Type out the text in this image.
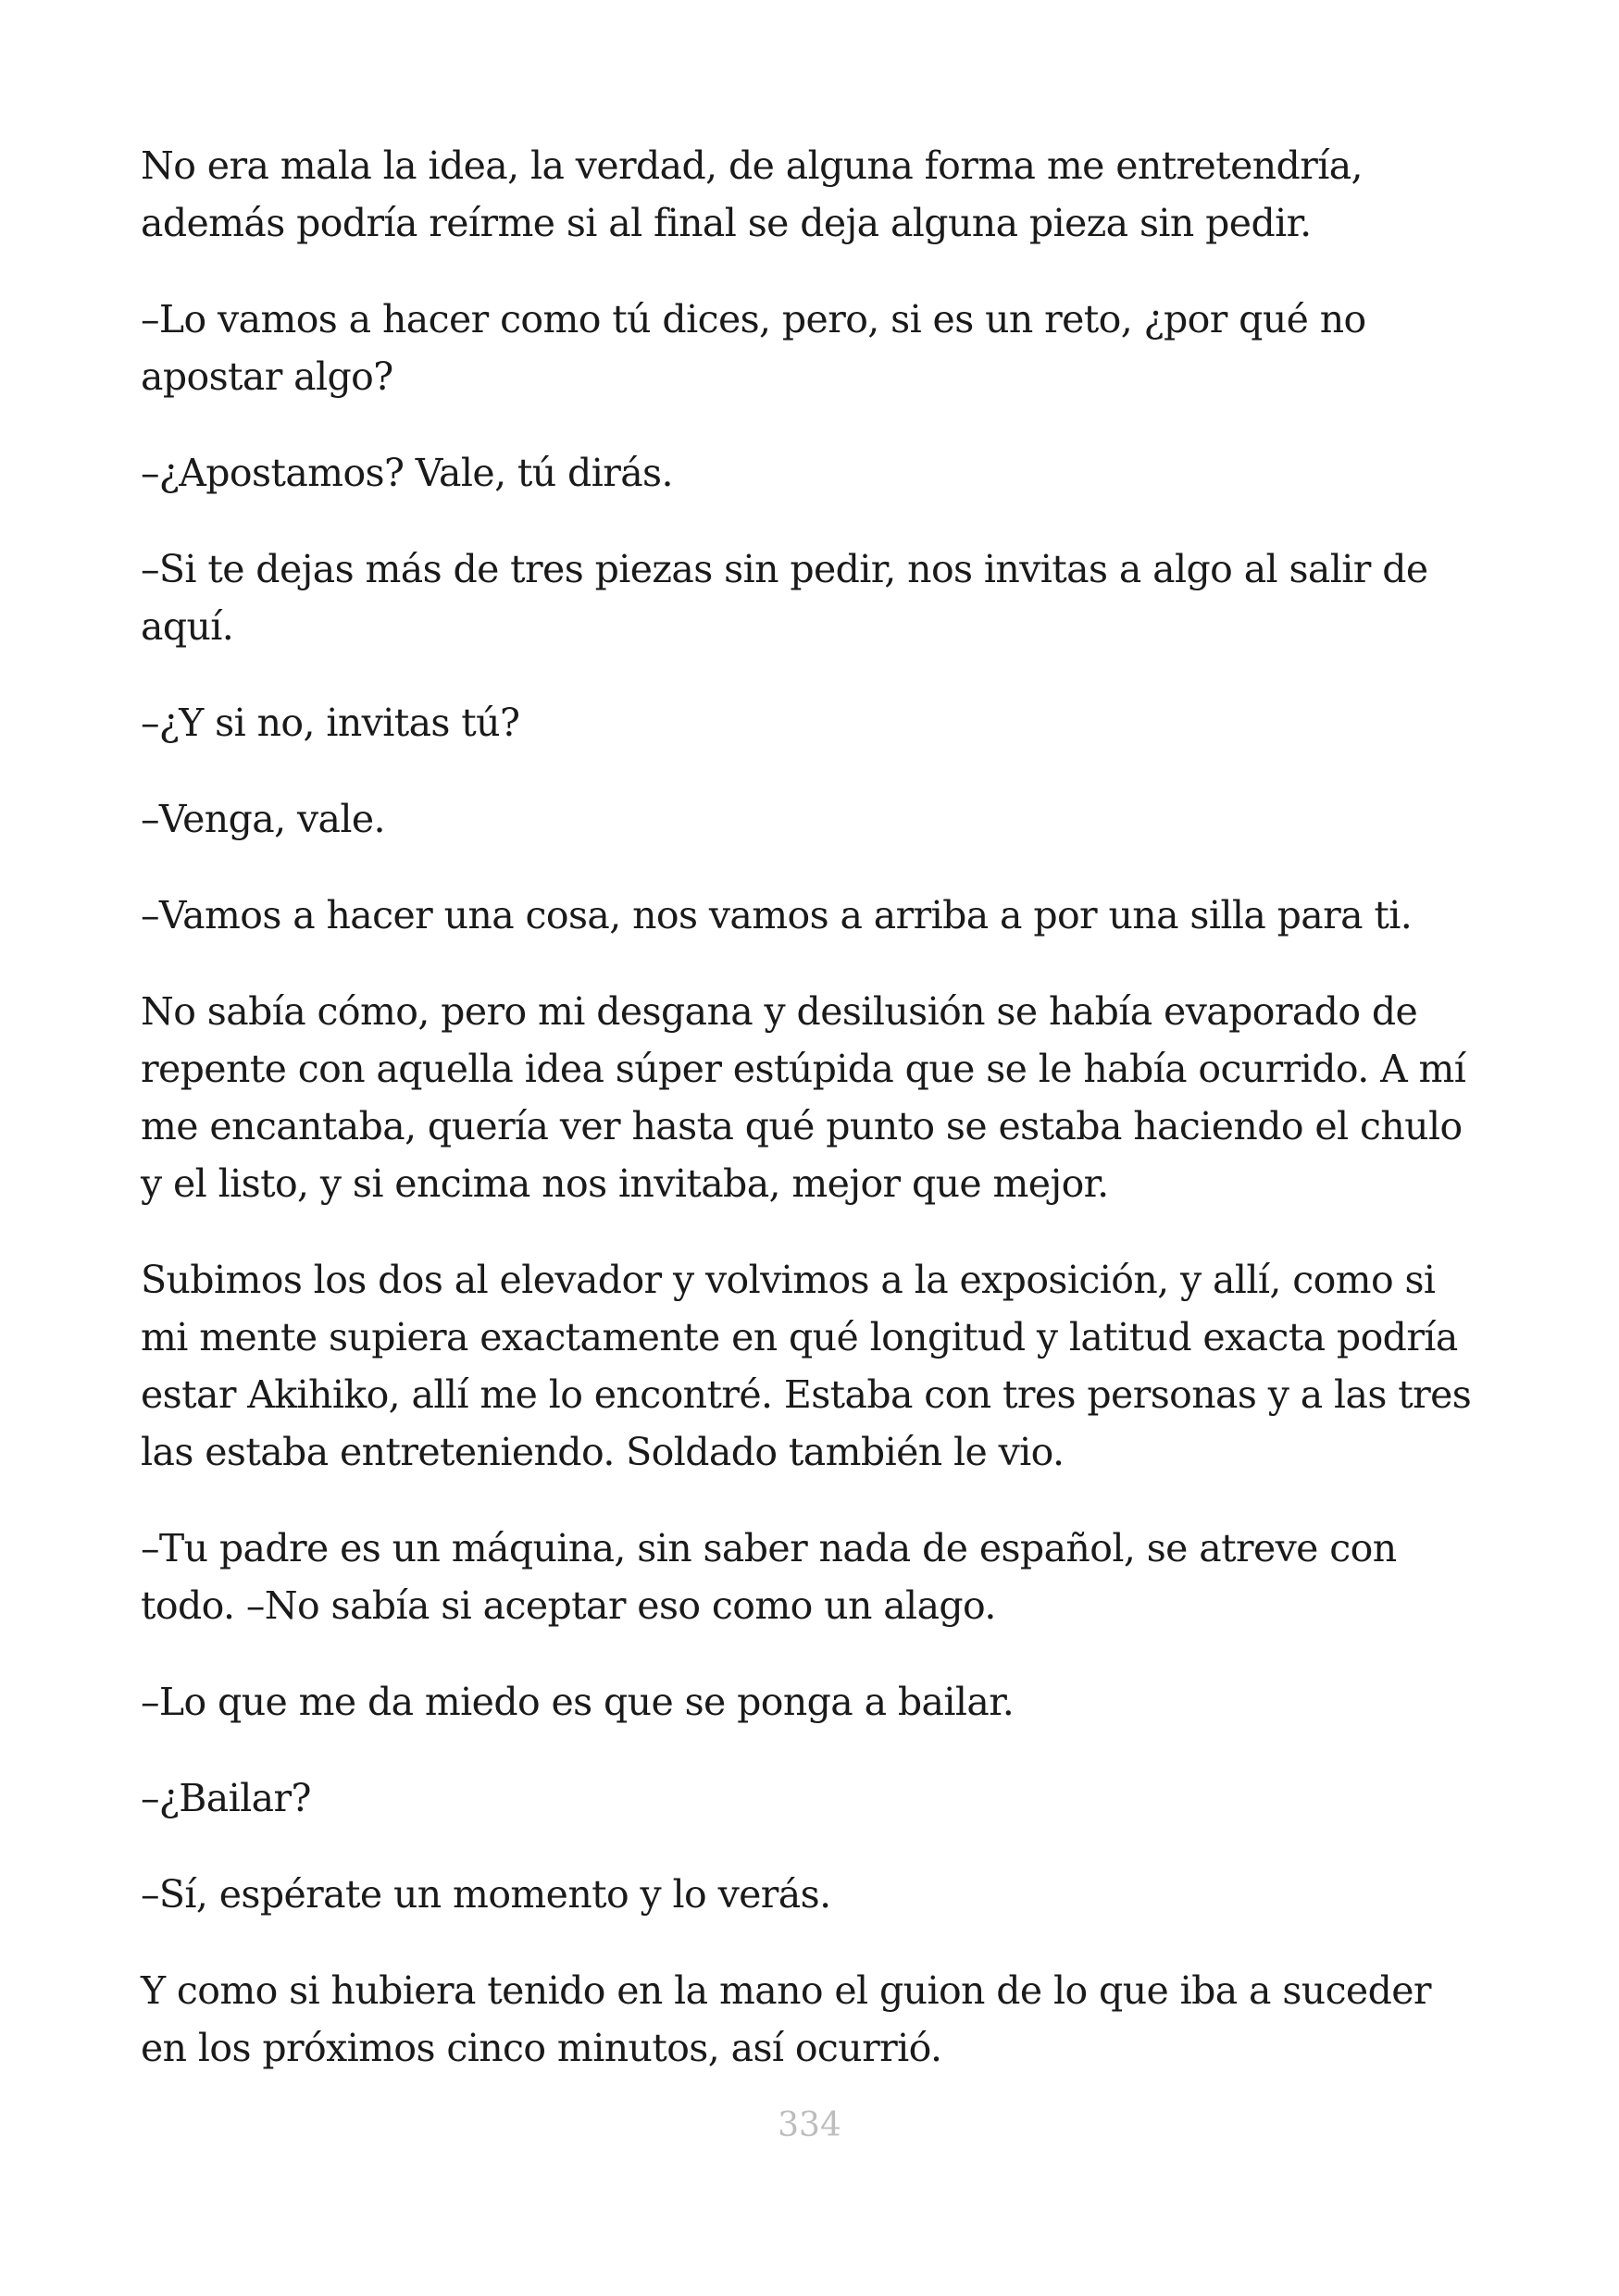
No era mala la idea, la verdad, de alguna forma me entretendría, además podría reírme si al final se deja alguna pieza sin pedir.

–Lo vamos a hacer como tú dices, pero, si es un reto, ¿por qué no apostar algo?

–¿Apostamos? Vale, tú dirás.

–Si te dejas más de tres piezas sin pedir, nos invitas a algo al salir de aquí.

–¿Y si no, invitas tú?

–Venga, vale.

–Vamos a hacer una cosa, nos vamos a arriba a por una silla para ti.

No sabía cómo, pero mi desgana y desilusión se había evaporado de repente con aquella idea súper estúpida que se le había ocurrido. A mí me encantaba, quería ver hasta qué punto se estaba haciendo el chulo y el listo, y si encima nos invitaba, mejor que mejor.

Subimos los dos al elevador y volvimos a la exposición, y allí, como si mi mente supiera exactamente en qué longitud y latitud exacta podría estar Akihiko, allí me lo encontré. Estaba con tres personas y a las tres las estaba entreteniendo. Soldado también le vio.

–Tu padre es un máquina, sin saber nada de español, se atreve con todo. –No sabía si aceptar eso como un alago.

–Lo que me da miedo es que se ponga a bailar.

–¿Bailar?

–Sí, espérate un momento y lo verás.

Y como si hubiera tenido en la mano el guion de lo que iba a suceder en los próximos cinco minutos, así ocurrió.

334
